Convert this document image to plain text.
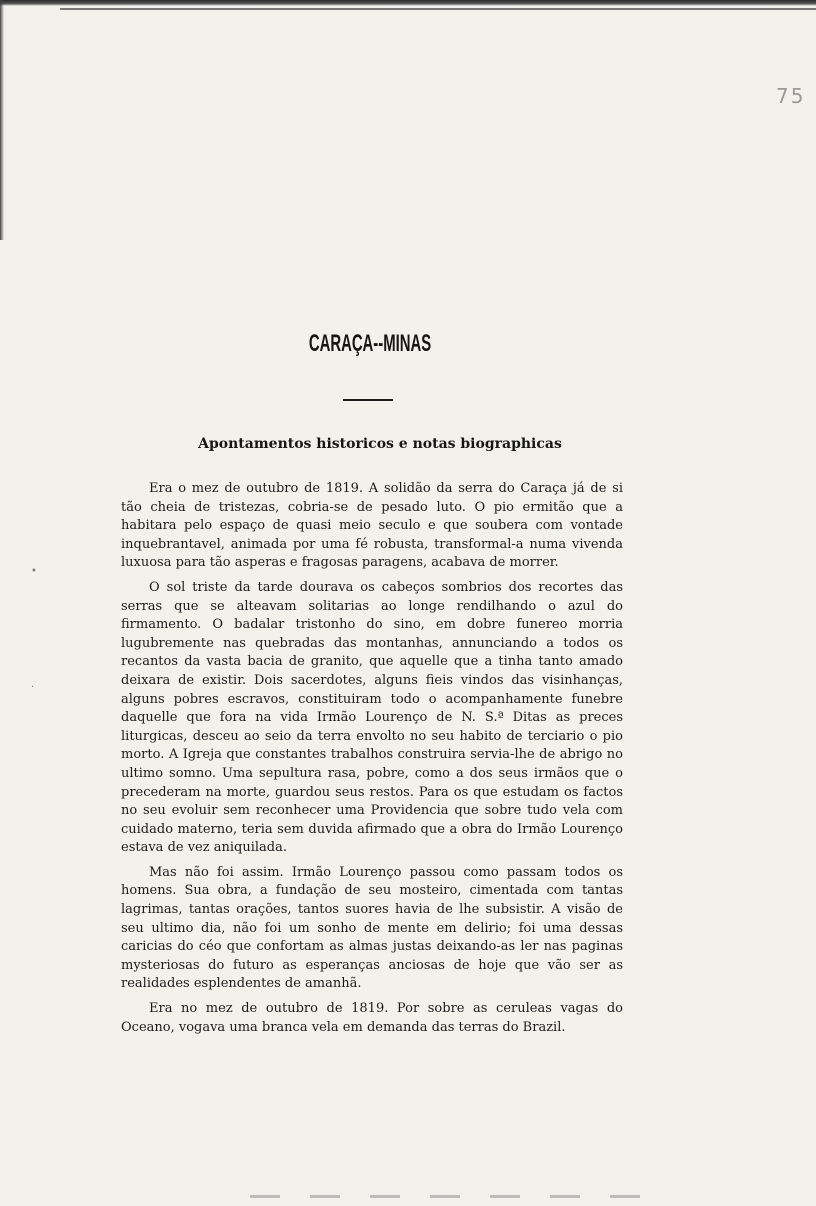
75
•
·
CARAÇA--MINAS
Apontamentos historicos e notas biographicas

Era o mez de outubro de 1819. A solidão da serra do Caraça já de si tão cheia de tristezas, cobria-se de pesado luto. O pio ermitão que a habitara pelo espaço de quasi meio seculo e que soubera com vontade inquebrantavel, animada por uma fé robusta, transformal-a numa vivenda luxuosa para tão asperas e fragosas paragens, acabava de morrer.

O sol triste da tarde dourava os cabeços sombrios dos recortes das serras que se alteavam solitarias ao longe rendilhando o azul do firmamento. O badalar tristonho do sino, em dobre funereo morria lugubremente nas quebradas das montanhas, annunciando a todos os recantos da vasta bacia de granito, que aquelle que a tinha tanto amado deixara de existir. Dois sacerdotes, alguns fieis vindos das visinhanças, alguns pobres escravos, constituiram todo o acompanhamente funebre daquelle que fora na vida Irmão Lourenço de N. S.ª Ditas as preces liturgicas, desceu ao seio da terra envolto no seu habito de terciario o pio morto. A Igreja que constantes trabalhos construira servia-lhe de abrigo no ultimo somno. Uma sepultura rasa, pobre, como a dos seus irmãos que o precederam na morte, guardou seus restos. Para os que estudam os factos no seu evoluir sem reconhecer uma Providencia que sobre tudo vela com cuidado materno, teria sem duvida afirmado que a obra do Irmão Lourenço estava de vez aniquilada.

Mas não foi assim. Irmão Lourenço passou como passam todos os homens. Sua obra, a fundação de seu mosteiro, cimentada com tantas lagrimas, tantas orações, tantos suores havia de lhe subsistir. A visão de seu ultimo dia, não foi um sonho de mente em delirio; foi uma dessas caricias do céo que confortam as almas justas deixando-as ler nas paginas mysteriosas do futuro as esperanças anciosas de hoje que vão ser as realidades esplendentes de amanhã.

Era no mez de outubro de 1819. Por sobre as ceruleas vagas do Oceano, vogava uma branca vela em demanda das terras do Brazil.
